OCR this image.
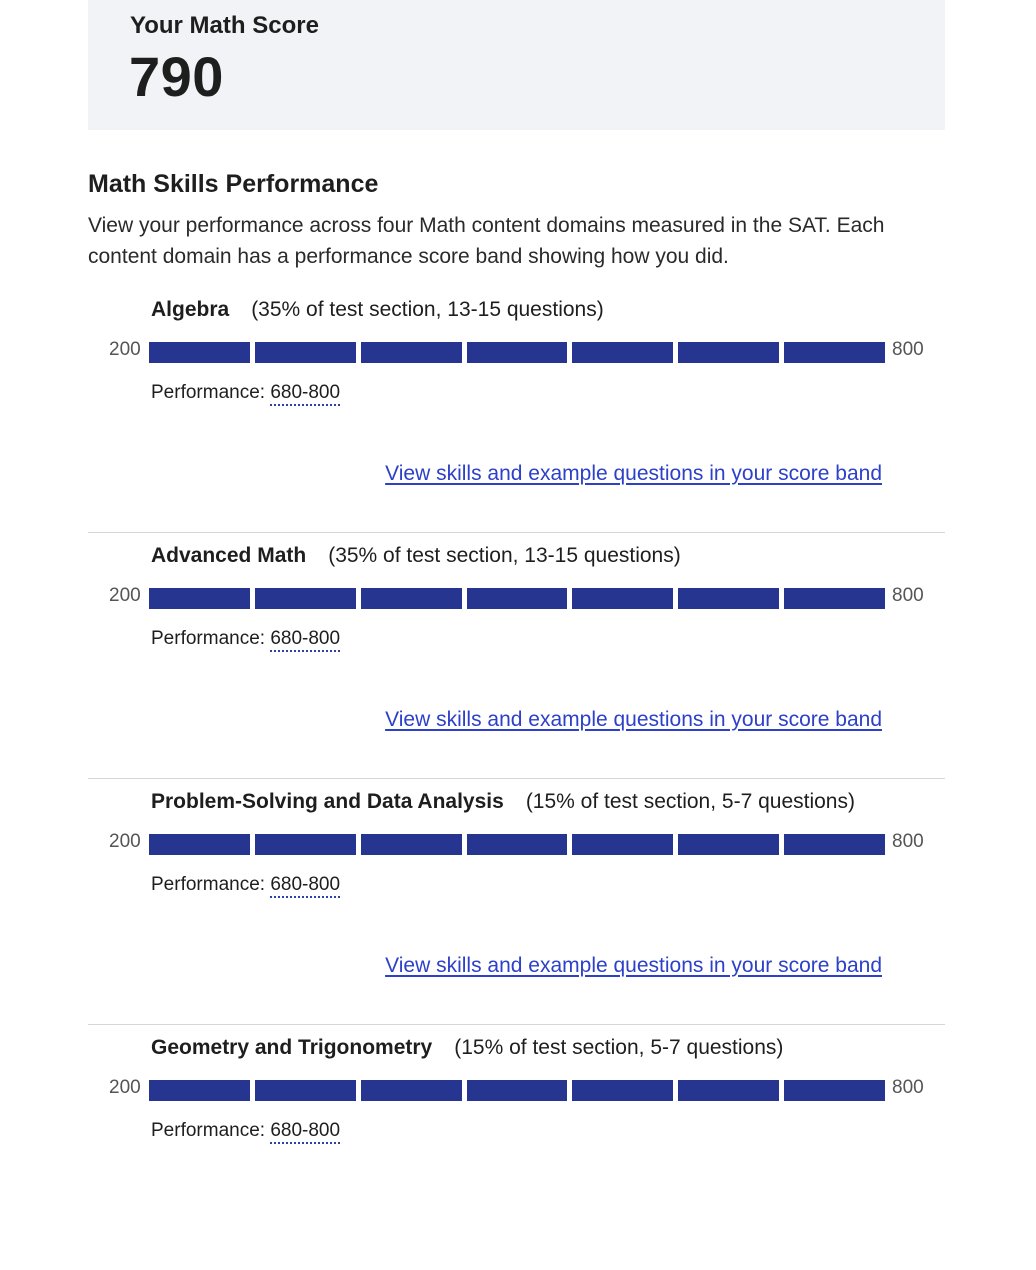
Your Math Score
790
Math Skills Performance
View your performance across four Math content domains measured in the SAT. Each content domain has a performance score band showing how you did.
Algebra (35% of test section, 13-15 questions)
200	800
Performance: 680-800
View skills and example questions in your score band
Advanced Math (35% of test section, 13-15 questions)
200	800
Performance: 680-800
View skills and example questions in your score band
Problem-Solving and Data Analysis (15% of test section, 5-7 questions)
200	800
Performance: 680-800
View skills and example questions in your score band
Geometry and Trigonometry (15% of test section, 5-7 questions)
200	800
Performance: 680-800
